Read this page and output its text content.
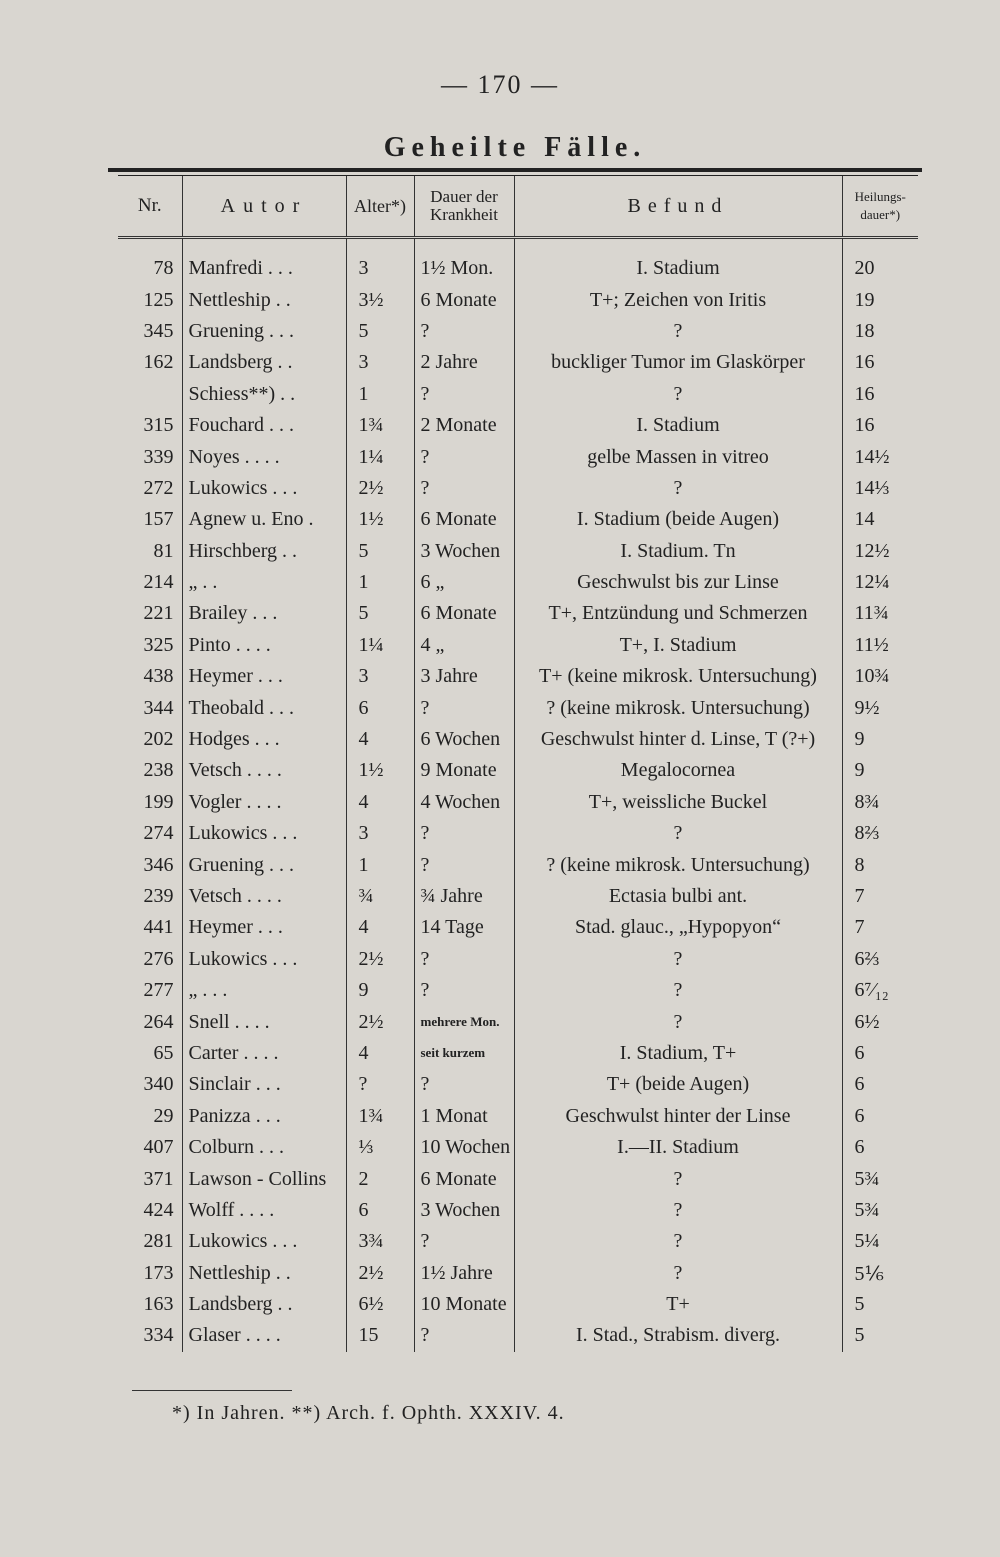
— 170 —
Geheilte Fälle.
Nr.	Autor	Alter*)	Dauer der Krankheit	Befund	Heilungs-dauer*)

78	Manfredi . . .	3	1½ Mon.	I. Stadium	20
125	Nettleship . .	3½	6 Monate	T+; Zeichen von Iritis	19
345	Gruening . . .	5	?	?	18
162	Landsberg . .	3	2 Jahre	buckliger Tumor im Glaskörper	16
	Schiess**) . .	1	?	?	16
315	Fouchard . . .	1¾	2 Monate	I. Stadium	16
339	Noyes . . . .	1¼	?	gelbe Massen in vitreo	14½
272	Lukowics . . .	2½	?	?	14⅓
157	Agnew u. Eno .	1½	6 Monate	I. Stadium (beide Augen)	14
81	Hirschberg . .	5	3 Wochen	I. Stadium. Tn	12½
214	„ . .	1	6 „	Geschwulst bis zur Linse	12¼
221	Brailey . . .	5	6 Monate	T+, Entzündung und Schmerzen	11¾
325	Pinto . . . .	1¼	4 „	T+, I. Stadium	11½
438	Heymer . . .	3	3 Jahre	T+ (keine mikrosk. Untersuchung)	10¾
344	Theobald . . .	6	?	? (keine mikrosk. Untersuchung)	9½
202	Hodges . . .	4	6 Wochen	Geschwulst hinter d. Linse, T (?+)	9
238	Vetsch . . . .	1½	9 Monate	Megalocornea	9
199	Vogler . . . .	4	4 Wochen	T+, weissliche Buckel	8¾
274	Lukowics . . .	3	?	?	8⅔
346	Gruening . . .	1	?	? (keine mikrosk. Untersuchung)	8
239	Vetsch . . . .	¾	¾ Jahre	Ectasia bulbi ant.	7
441	Heymer . . .	4	14 Tage	Stad. glauc., „Hypopyon“	7
276	Lukowics . . .	2½	?	?	6⅔
277	„ . . .	9	?	?	6⁷⁄₁₂
264	Snell . . . .	2½	mehrere Mon.	?	6½
65	Carter . . . .	4	seit kurzem	I. Stadium, T+	6
340	Sinclair . . .	?	?	T+ (beide Augen)	6
29	Panizza . . .	1¾	1 Monat	Geschwulst hinter der Linse	6
407	Colburn . . .	⅓	10 Wochen	I.—II. Stadium	6
371	Lawson - Collins	2	6 Monate	?	5¾
424	Wolff . . . .	6	3 Wochen	?	5¾
281	Lukowics . . .	3¾	?	?	5¼
173	Nettleship . .	2½	1½ Jahre	?	5⅙
163	Landsberg . .	6½	10 Monate	T+	5
334	Glaser . . . .	15	?	I. Stad., Strabism. diverg.	5
*) In Jahren. **) Arch. f. Ophth. XXXIV. 4.
